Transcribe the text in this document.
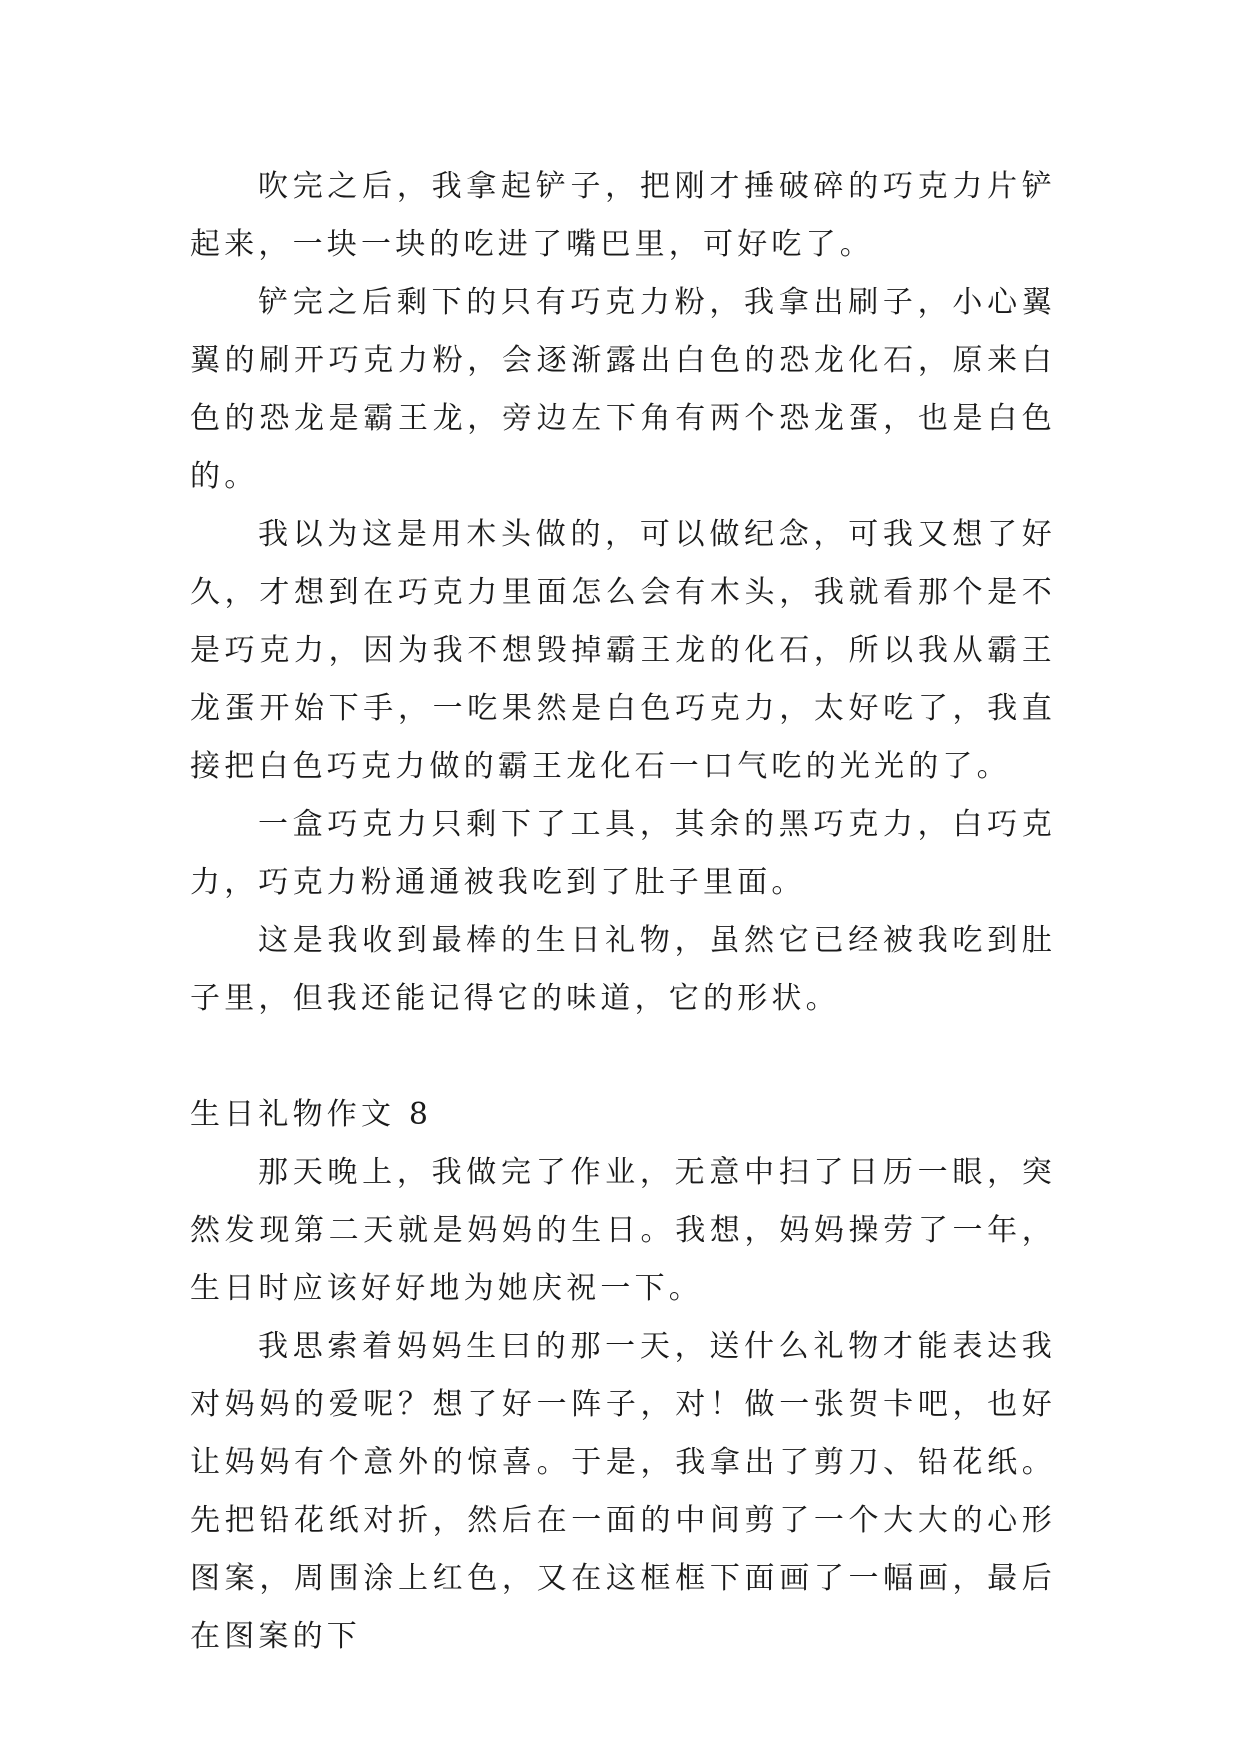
吹完之后，我拿起铲子，把刚才捶破碎的巧克力片铲起来，一块一块的吃进了嘴巴里，可好吃了。

铲完之后剩下的只有巧克力粉，我拿出刷子，小心翼翼的刷开巧克力粉，会逐渐露出白色的恐龙化石，原来白色的恐龙是霸王龙，旁边左下角有两个恐龙蛋，也是白色的。

我以为这是用木头做的，可以做纪念，可我又想了好久，才想到在巧克力里面怎么会有木头，我就看那个是不是巧克力，因为我不想毁掉霸王龙的化石，所以我从霸王龙蛋开始下手，一吃果然是白色巧克力，太好吃了，我直接把白色巧克力做的霸王龙化石一口气吃的光光的了。

一盒巧克力只剩下了工具，其余的黑巧克力，白巧克力，巧克力粉通通被我吃到了肚子里面。

这是我收到最棒的生日礼物，虽然它已经被我吃到肚子里，但我还能记得它的味道，它的形状。

生日礼物作文 8

那天晚上，我做完了作业，无意中扫了日历一眼，突然发现第二天就是妈妈的生日。我想，妈妈操劳了一年，生日时应该好好地为她庆祝一下。

我思索着妈妈生曰的那一天，送什么礼物才能表达我对妈妈的爱呢？想了好一阵子，对！做一张贺卡吧，也好让妈妈有个意外的惊喜。于是，我拿出了剪刀、铅花纸。先把铅花纸对折，然后在一面的中间剪了一个大大的心形图案，周围涂上红色，又在这框框下面画了一幅画，最后在图案的下
